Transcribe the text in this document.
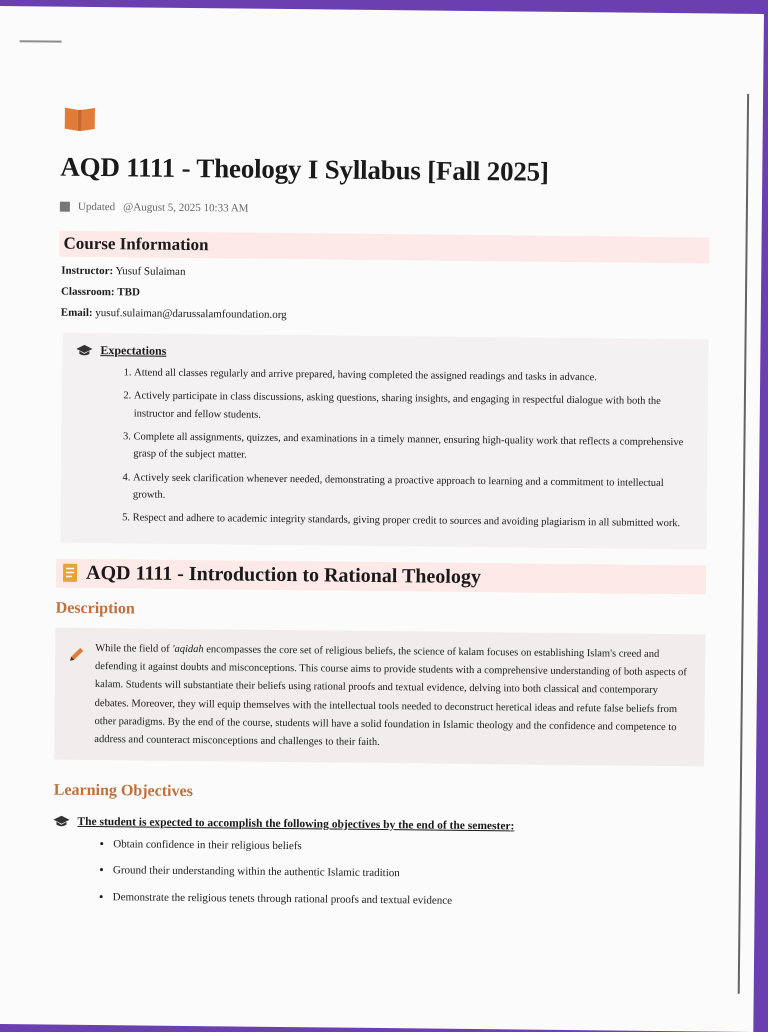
AQD 1111 - Theology I Syllabus [Fall 2025]
Updated @August 5, 2025 10:33 AM
Course Information
Instructor: Yusuf Sulaiman
Classroom: TBD
Email: yusuf.sulaiman@darussalamfoundation.org
Expectations
1. Attend all classes regularly and arrive prepared, having completed the assigned readings and tasks in advance.
2. Actively participate in class discussions, asking questions, sharing insights, and engaging in respectful dialogue with both the instructor and fellow students.
3. Complete all assignments, quizzes, and examinations in a timely manner, ensuring high-quality work that reflects a comprehensive grasp of the subject matter.
4. Actively seek clarification whenever needed, demonstrating a proactive approach to learning and a commitment to intellectual growth.
5. Respect and adhere to academic integrity standards, giving proper credit to sources and avoiding plagiarism in all submitted work.
AQD 1111 - Introduction to Rational Theology
Description
While the field of 'aqidah encompasses the core set of religious beliefs, the science of kalam focuses on establishing Islam's creed and defending it against doubts and misconceptions. This course aims to provide students with a comprehensive understanding of both aspects of kalam. Students will substantiate their beliefs using rational proofs and textual evidence, delving into both classical and contemporary debates. Moreover, they will equip themselves with the intellectual tools needed to deconstruct heretical ideas and refute false beliefs from other paradigms. By the end of the course, students will have a solid foundation in Islamic theology and the confidence and competence to address and counteract misconceptions and challenges to their faith.
Learning Objectives
The student is expected to accomplish the following objectives by the end of the semester:
• Obtain confidence in their religious beliefs
• Ground their understanding within the authentic Islamic tradition
• Demonstrate the religious tenets through rational proofs and textual evidence
